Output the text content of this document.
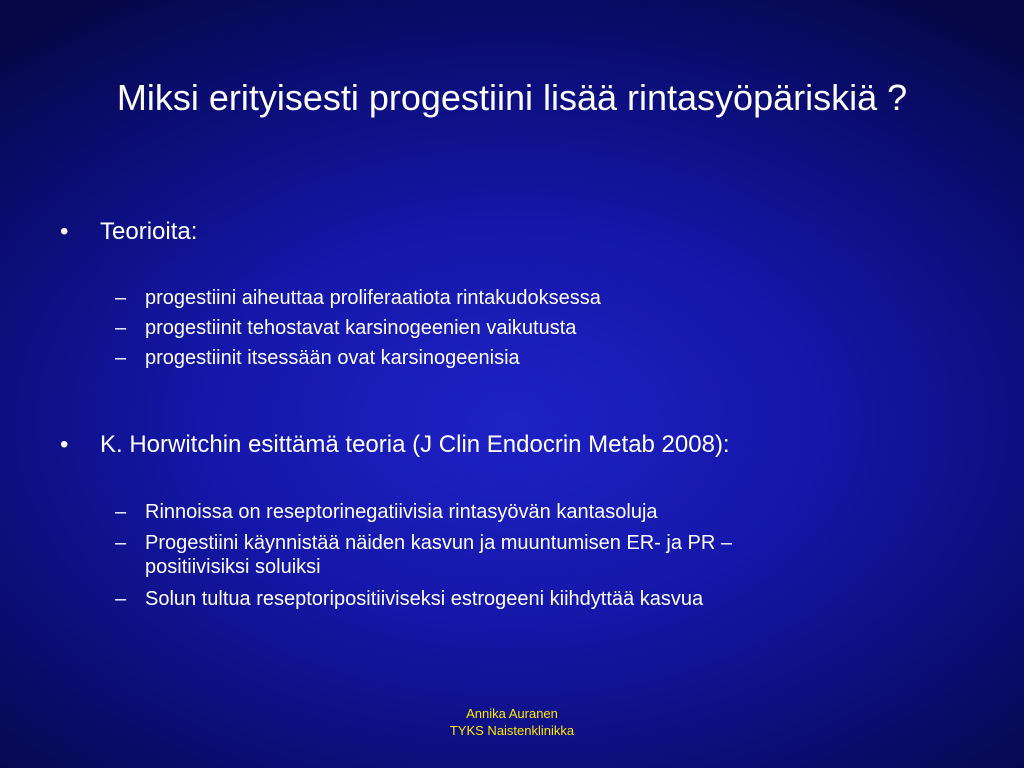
Miksi erityisesti progestiini lisää rintasyöpäriskiä ?
•	Teorioita:
– progestiini aiheuttaa proliferaatiota rintakudoksessa
– progestiinit tehostavat karsinogeenien vaikutusta
– progestiinit itsessään ovat karsinogeenisia
•	K. Horwitchin esittämä teoria (J Clin Endocrin Metab 2008):
– Rinnoissa on reseptorinegatiivisia rintasyövän kantasoluja
– Progestiini käynnistää näiden kasvun ja muuntumisen ER- ja PR –
positiivisiksi soluiksi
– Solun tultua reseptoripositiiviseksi estrogeeni kiihdyttää kasvua
Annika Auranen
TYKS Naistenklinikka
